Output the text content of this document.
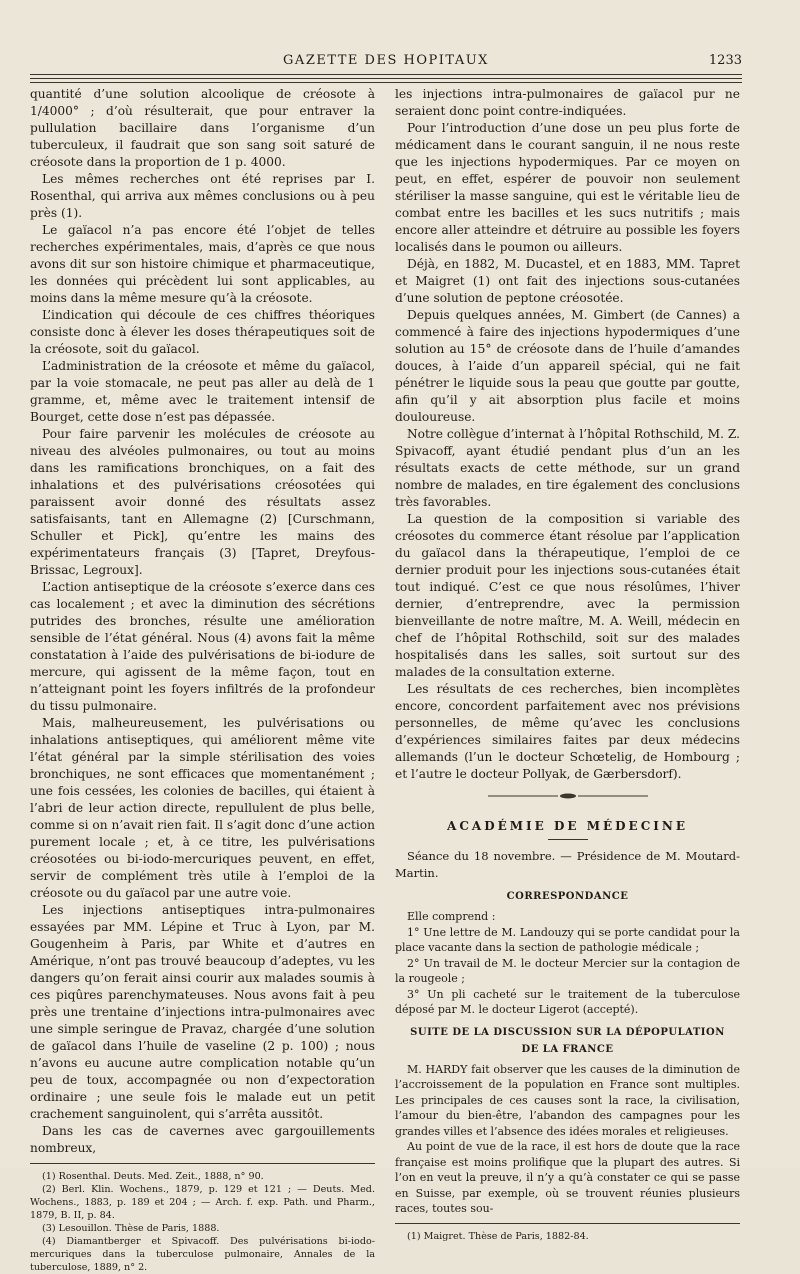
GAZETTE DES HOPITAUX	1233

quantité d’une solution alcoolique de créosote à 1/4000° ; d’où résulterait, que pour entraver la pullulation bacillaire dans l’organisme d’un tuberculeux, il faudrait que son sang soit saturé de créosote dans la proportion de 1 p. 4000.

Les mêmes recherches ont été reprises par I. Rosenthal, qui arriva aux mêmes conclusions ou à peu près (1).

Le gaïacol n’a pas encore été l’objet de telles recherches expérimentales, mais, d’après ce que nous avons dit sur son histoire chimique et pharmaceutique, les données qui précèdent lui sont applicables, au moins dans la même mesure qu’à la créosote.

L’indication qui découle de ces chiffres théoriques consiste donc à élever les doses thérapeutiques soit de la créosote, soit du gaïacol.

L’administration de la créosote et même du gaïacol, par la voie stomacale, ne peut pas aller au delà de 1 gramme, et, même avec le traitement intensif de Bourget, cette dose n’est pas dépassée.

Pour faire parvenir les molécules de créosote au niveau des alvéoles pulmonaires, ou tout au moins dans les ramifications bronchiques, on a fait des inhalations et des pulvérisations créosotées qui paraissent avoir donné des résultats assez satisfaisants, tant en Allemagne (2) [Curschmann, Schuller et Pick], qu’entre les mains des expérimentateurs français (3) [Tapret, Dreyfous-Brissac, Legroux].

L’action antiseptique de la créosote s’exerce dans ces cas localement ; et avec la diminution des sécrétions putrides des bronches, résulte une amélioration sensible de l’état général. Nous (4) avons fait la même constatation à l’aide des pulvérisations de bi-iodure de mercure, qui agissent de la même façon, tout en n’atteignant point les foyers infiltrés de la profondeur du tissu pulmonaire.

Mais, malheureusement, les pulvérisations ou inhalations antiseptiques, qui améliorent même vite l’état général par la simple stérilisation des voies bronchiques, ne sont efficaces que momentanément ; une fois cessées, les colonies de bacilles, qui étaient à l’abri de leur action directe, repullulent de plus belle, comme si on n’avait rien fait. Il s’agit donc d’une action purement locale ; et, à ce titre, les pulvérisations créosotées ou bi-iodo-mercuriques peuvent, en effet, servir de complément très utile à l’emploi de la créosote ou du gaïacol par une autre voie.

Les injections antiseptiques intra-pulmonaires essayées par MM. Lépine et Truc à Lyon, par M. Gougenheim à Paris, par White et d’autres en Amérique, n’ont pas trouvé beaucoup d’adeptes, vu les dangers qu’on ferait ainsi courir aux malades soumis à ces piqûres parenchymateuses. Nous avons fait à peu près une trentaine d’injections intra-pulmonaires avec une simple seringue de Pravaz, chargée d’une solution de gaïacol dans l’huile de vaseline (2 p. 100) ; nous n’avons eu aucune autre complication notable qu’un peu de toux, accompagnée ou non d’expectoration ordinaire ; une seule fois le malade eut un petit crachement sanguinolent, qui s’arrêta aussitôt.

Dans les cas de cavernes avec gargouillements nombreux,

(1) Rosenthal. Deuts. Med. Zeit., 1888, n° 90.

(2) Berl. Klin. Wochens., 1879, p. 129 et 121 ; — Deuts. Med. Wochens., 1883, p. 189 et 204 ; — Arch. f. exp. Path. und Pharm., 1879, B. II, p. 84.

(3) Lesouillon. Thèse de Paris, 1888.

(4) Diamantberger et Spivacoff. Des pulvérisations bi-iodo-mercuriques dans la tuberculose pulmonaire, Annales de la tuberculose, 1889, n° 2.

les injections intra-pulmonaires de gaïacol pur ne seraient donc point contre-indiquées.

Pour l’introduction d’une dose un peu plus forte de médicament dans le courant sanguin, il ne nous reste que les injections hypodermiques. Par ce moyen on peut, en effet, espérer de pouvoir non seulement stériliser la masse sanguine, qui est le véritable lieu de combat entre les bacilles et les sucs nutritifs ; mais encore aller atteindre et détruire au possible les foyers localisés dans le poumon ou ailleurs.

Déjà, en 1882, M. Ducastel, et en 1883, MM. Tapret et Maigret (1) ont fait des injections sous-cutanées d’une solution de peptone créosotée.

Depuis quelques années, M. Gimbert (de Cannes) a commencé à faire des injections hypodermiques d’une solution au 15° de créosote dans de l’huile d’amandes douces, à l’aide d’un appareil spécial, qui ne fait pénétrer le liquide sous la peau que goutte par goutte, afin qu’il y ait absorption plus facile et moins douloureuse.

Notre collègue d’internat à l’hôpital Rothschild, M. Z. Spivacoff, ayant étudié pendant plus d’un an les résultats exacts de cette méthode, sur un grand nombre de malades, en tire également des conclusions très favorables.

La question de la composition si variable des créosotes du commerce étant résolue par l’application du gaïacol dans la thérapeutique, l’emploi de ce dernier produit pour les injections sous-cutanées était tout indiqué. C’est ce que nous résolûmes, l’hiver dernier, d’entreprendre, avec la permission bienveillante de notre maître, M. A. Weill, médecin en chef de l’hôpital Rothschild, soit sur des malades hospitalisés dans les salles, soit surtout sur des malades de la consultation externe.

Les résultats de ces recherches, bien incomplètes encore, concordent parfaitement avec nos prévisions personnelles, de même qu’avec les conclusions d’expériences similaires faites par deux médecins allemands (l’un le docteur Schœtelig, de Hombourg ; et l’autre le docteur Pollyak, de Gærbersdorf).

ACADÉMIE DE MÉDECINE

Séance du 18 novembre. — Présidence de M. Moutard-Martin.

CORRESPONDANCE

Elle comprend :

1° Une lettre de M. Landouzy qui se porte candidat pour la place vacante dans la section de pathologie médicale ;

2° Un travail de M. le docteur Mercier sur la contagion de la rougeole ;

3° Un pli cacheté sur le traitement de la tuberculose déposé par M. le docteur Ligerot (accepté).

SUITE DE LA DISCUSSION SUR LA DÉPOPULATION
DE LA FRANCE

M. HARDY fait observer que les causes de la diminution de l’accroissement de la population en France sont multiples. Les principales de ces causes sont la race, la civilisation, l’amour du bien-être, l’abandon des campagnes pour les grandes villes et l’absence des idées morales et religieuses.

Au point de vue de la race, il est hors de doute que la race française est moins prolifique que la plupart des autres. Si l’on en veut la preuve, il n’y a qu’à constater ce qui se passe en Suisse, par exemple, où se trouvent réunies plusieurs races, toutes sou-

(1) Maigret. Thèse de Paris, 1882-84.
